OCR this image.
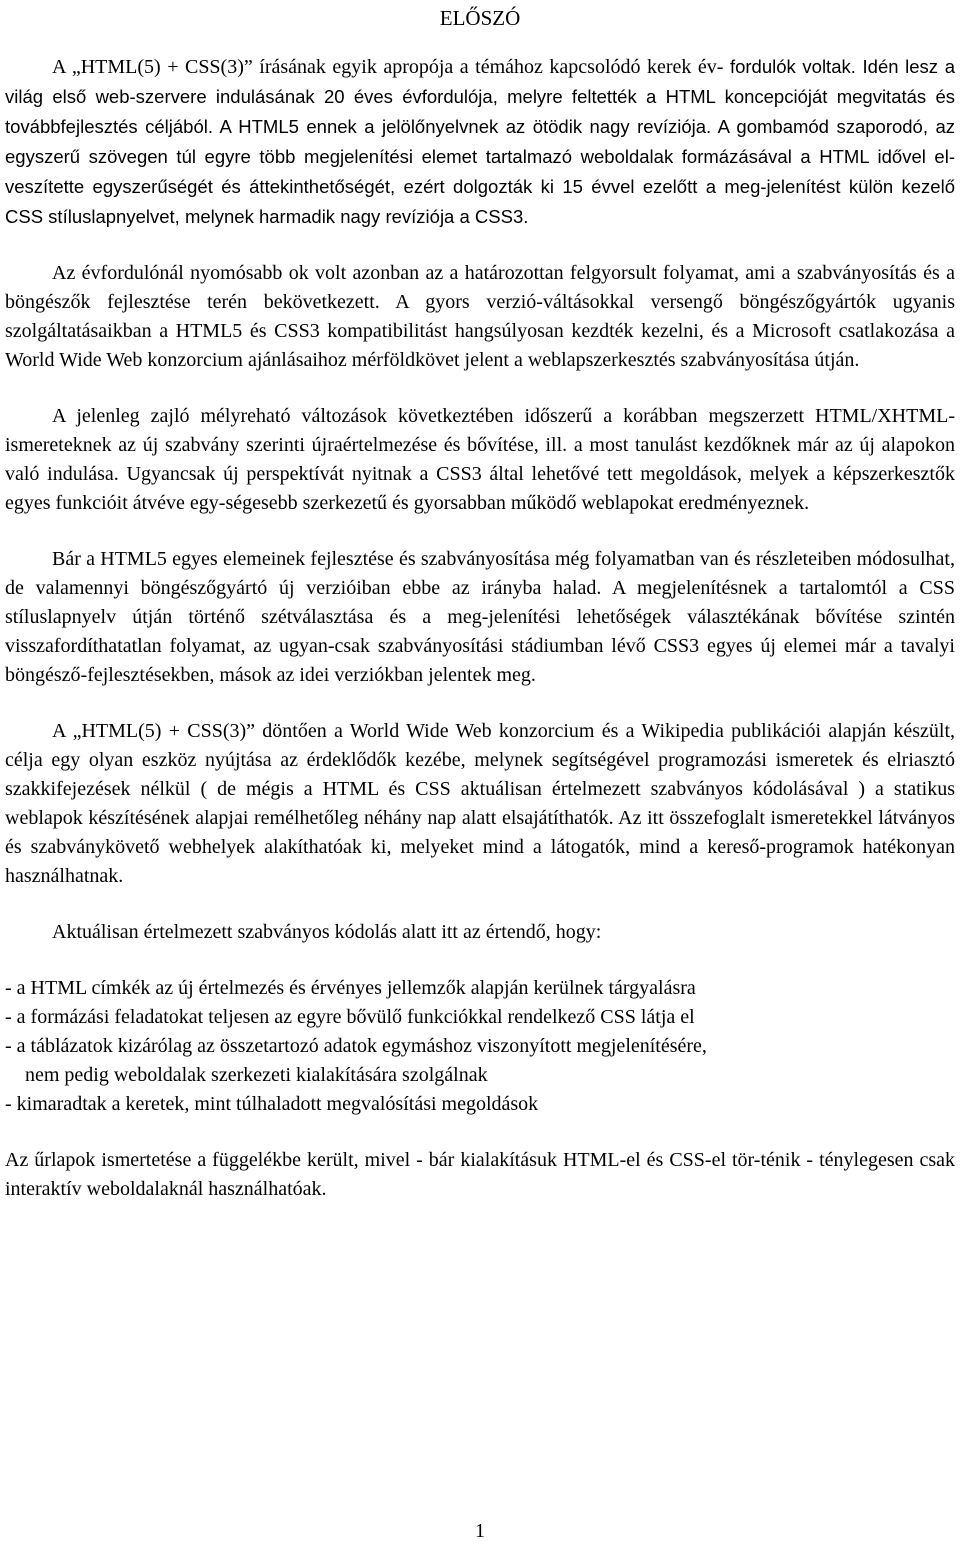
ELŐSZÓ

A „HTML(5) + CSS(3)” írásának egyik apropója a témához kapcsolódó kerek év- fordulók voltak. Idén lesz a világ első web-szervere indulásának 20 éves évfordulója, melyre feltették a HTML koncepcióját megvitatás és továbbfejlesztés céljából. A HTML5 ennek a jelölőnyelvnek az ötödik nagy revíziója. A gombamód szaporodó, az egyszerű szövegen túl egyre több megjelenítési elemet tartalmazó weboldalak formázásával a HTML idővel el-veszítette egyszerűségét és áttekinthetőségét, ezért dolgozták ki 15 évvel ezelőtt a meg-jelenítést külön kezelő CSS stíluslapnyelvet, melynek harmadik nagy revíziója a CSS3.

Az évfordulónál nyomósabb ok volt azonban az a határozottan felgyorsult folyamat, ami a szabványosítás és a böngészők fejlesztése terén bekövetkezett. A gyors verzió-váltásokkal versengő böngészőgyártók ugyanis szolgáltatásaikban a HTML5 és CSS3 kompatibilitást hangsúlyosan kezdték kezelni, és a Microsoft csatlakozása a World Wide Web konzorcium ajánlásaihoz mérföldkövet jelent a weblapszerkesztés szabványosítása útján.

A jelenleg zajló mélyreható változások következtében időszerű a korábban megszerzett HTML/XHTML-ismereteknek az új szabvány szerinti újraértelmezése és bővítése, ill. a most tanulást kezdőknek már az új alapokon való indulása. Ugyancsak új perspektívát nyitnak a CSS3 által lehetővé tett megoldások, melyek a képszerkesztők egyes funkcióit átvéve egy-ségesebb szerkezetű és gyorsabban működő weblapokat eredményeznek.

Bár a HTML5 egyes elemeinek fejlesztése és szabványosítása még folyamatban van és részleteiben módosulhat, de valamennyi böngészőgyártó új verzióiban ebbe az irányba halad. A megjelenítésnek a tartalomtól a CSS stíluslapnyelv útján történő szétválasztása és a meg-jelenítési lehetőségek választékának bővítése szintén visszafordíthatatlan folyamat, az ugyan-csak szabványosítási stádiumban lévő CSS3 egyes új elemei már a tavalyi böngésző-fejlesztésekben, mások az idei verziókban jelentek meg.

A „HTML(5) + CSS(3)” döntően a World Wide Web konzorcium és a Wikipedia publikációi alapján készült, célja egy olyan eszköz nyújtása az érdeklődők kezébe, melynek segítségével programozási ismeretek és elriasztó szakkifejezések nélkül ( de mégis a HTML és CSS aktuálisan értelmezett szabványos kódolásával ) a statikus weblapok készítésének alapjai remélhetőleg néhány nap alatt elsajátíthatók. Az itt összefoglalt ismeretekkel látványos és szabványkövető webhelyek alakíthatóak ki, melyeket mind a látogatók, mind a kereső-programok hatékonyan használhatnak.

Aktuálisan értelmezett szabványos kódolás alatt itt az értendő, hogy:

- a HTML címkék az új értelmezés és érvényes jellemzők alapján kerülnek tárgyalásra
- a formázási feladatokat teljesen az egyre bővülő funkciókkal rendelkező CSS látja el
- a táblázatok kizárólag az összetartozó adatok egymáshoz viszonyított megjelenítésére,
nem pedig weboldalak szerkezeti kialakítására szolgálnak
- kimaradtak a keretek, mint túlhaladott megvalósítási megoldások

Az űrlapok ismertetése a függelékbe került, mivel - bár kialakításuk HTML-el és CSS-el tör-ténik - ténylegesen csak interaktív weboldalaknál használhatóak.

1
